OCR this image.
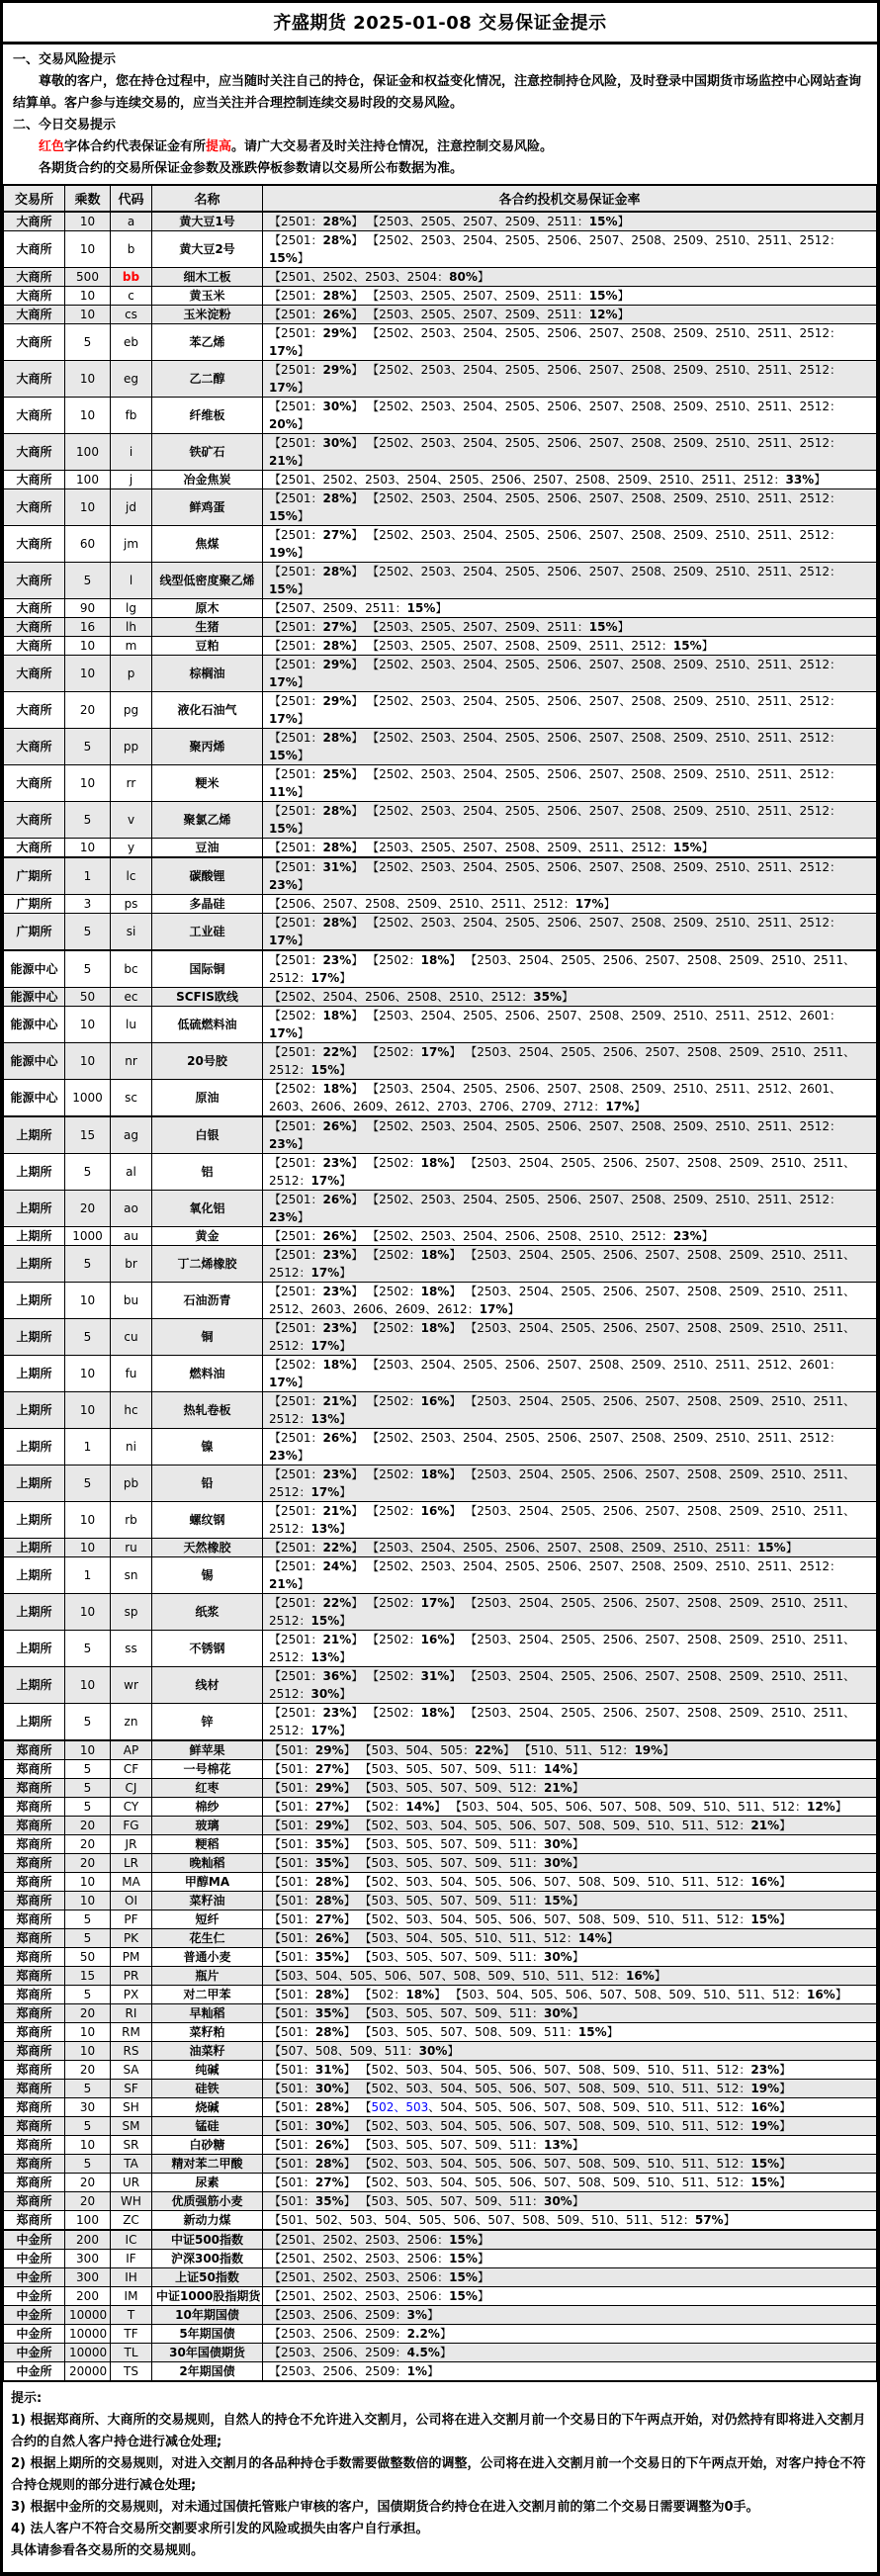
齐盛期货 2025-01-08 交易保证金提示
一、交易风险提示

尊敬的客户，您在持仓过程中，应当随时关注自己的持仓，保证金和权益变化情况，注意控制持仓风险，及时登录中国期货市场监控中心网站查询结算单。客户参与连续交易的，应当关注并合理控制连续交易时段的交易风险。

二、今日交易提示

红色字体合约代表保证金有所提高。请广大交易者及时关注持仓情况，注意控制交易风险。

各期货合约的交易所保证金参数及涨跌停板参数请以交易所公布数据为准。

交易所	乘数	代码	名称	各合约投机交易保证金率
大商所	10	a	黄大豆1号	【2501：28%】 【2503、2505、2507、2509、2511：15%】
大商所	10	b	黄大豆2号	【2501：28%】 【2502、2503、2504、2505、2506、2507、2508、2509、2510、2511、2512：15%】
大商所	500	bb	细木工板	【2501、2502、2503、2504：80%】
大商所	10	c	黄玉米	【2501：28%】 【2503、2505、2507、2509、2511：15%】
大商所	10	cs	玉米淀粉	【2501：26%】 【2503、2505、2507、2509、2511：12%】
大商所	5	eb	苯乙烯	【2501：29%】 【2502、2503、2504、2505、2506、2507、2508、2509、2510、2511、2512：17%】
大商所	10	eg	乙二醇	【2501：29%】 【2502、2503、2504、2505、2506、2507、2508、2509、2510、2511、2512：17%】
大商所	10	fb	纤维板	【2501：30%】 【2502、2503、2504、2505、2506、2507、2508、2509、2510、2511、2512：20%】
大商所	100	i	铁矿石	【2501：30%】 【2502、2503、2504、2505、2506、2507、2508、2509、2510、2511、2512：21%】
大商所	100	j	冶金焦炭	【2501、2502、2503、2504、2505、2506、2507、2508、2509、2510、2511、2512：33%】
大商所	10	jd	鲜鸡蛋	【2501：28%】 【2502、2503、2504、2505、2506、2507、2508、2509、2510、2511、2512：15%】
大商所	60	jm	焦煤	【2501：27%】 【2502、2503、2504、2505、2506、2507、2508、2509、2510、2511、2512：19%】
大商所	5	l	线型低密度聚乙烯	【2501：28%】 【2502、2503、2504、2505、2506、2507、2508、2509、2510、2511、2512：15%】
大商所	90	lg	原木	【2507、2509、2511：15%】
大商所	16	lh	生猪	【2501：27%】 【2503、2505、2507、2509、2511：15%】
大商所	10	m	豆粕	【2501：28%】 【2503、2505、2507、2508、2509、2511、2512：15%】
大商所	10	p	棕榈油	【2501：29%】 【2502、2503、2504、2505、2506、2507、2508、2509、2510、2511、2512：17%】
大商所	20	pg	液化石油气	【2501：29%】 【2502、2503、2504、2505、2506、2507、2508、2509、2510、2511、2512：17%】
大商所	5	pp	聚丙烯	【2501：28%】 【2502、2503、2504、2505、2506、2507、2508、2509、2510、2511、2512：15%】
大商所	10	rr	粳米	【2501：25%】 【2502、2503、2504、2505、2506、2507、2508、2509、2510、2511、2512：11%】
大商所	5	v	聚氯乙烯	【2501：28%】 【2502、2503、2504、2505、2506、2507、2508、2509、2510、2511、2512：15%】
大商所	10	y	豆油	【2501：28%】 【2503、2505、2507、2508、2509、2511、2512：15%】
广期所	1	lc	碳酸锂	【2501：31%】 【2502、2503、2504、2505、2506、2507、2508、2509、2510、2511、2512：23%】
广期所	3	ps	多晶硅	【2506、2507、2508、2509、2510、2511、2512：17%】
广期所	5	si	工业硅	【2501：28%】 【2502、2503、2504、2505、2506、2507、2508、2509、2510、2511、2512：17%】
能源中心	5	bc	国际铜	【2501：23%】 【2502：18%】 【2503、2504、2505、2506、2507、2508、2509、2510、2511、2512：17%】
能源中心	50	ec	SCFIS欧线	【2502、2504、2506、2508、2510、2512：35%】
能源中心	10	lu	低硫燃料油	【2502：18%】 【2503、2504、2505、2506、2507、2508、2509、2510、2511、2512、2601：17%】
能源中心	10	nr	20号胶	【2501：22%】 【2502：17%】 【2503、2504、2505、2506、2507、2508、2509、2510、2511、2512：15%】
能源中心	1000	sc	原油	【2502：18%】 【2503、2504、2505、2506、2507、2508、2509、2510、2511、2512、2601、2603、2606、2609、2612、2703、2706、2709、2712：17%】
上期所	15	ag	白银	【2501：26%】 【2502、2503、2504、2505、2506、2507、2508、2509、2510、2511、2512：23%】
上期所	5	al	铝	【2501：23%】 【2502：18%】 【2503、2504、2505、2506、2507、2508、2509、2510、2511、2512：17%】
上期所	20	ao	氧化铝	【2501：26%】 【2502、2503、2504、2505、2506、2507、2508、2509、2510、2511、2512：23%】
上期所	1000	au	黄金	【2501：26%】 【2502、2503、2504、2506、2508、2510、2512：23%】
上期所	5	br	丁二烯橡胶	【2501：23%】 【2502：18%】 【2503、2504、2505、2506、2507、2508、2509、2510、2511、2512：17%】
上期所	10	bu	石油沥青	【2501：23%】 【2502：18%】 【2503、2504、2505、2506、2507、2508、2509、2510、2511、2512、2603、2606、2609、2612：17%】
上期所	5	cu	铜	【2501：23%】 【2502：18%】 【2503、2504、2505、2506、2507、2508、2509、2510、2511、2512：17%】
上期所	10	fu	燃料油	【2502：18%】 【2503、2504、2505、2506、2507、2508、2509、2510、2511、2512、2601：17%】
上期所	10	hc	热轧卷板	【2501：21%】 【2502：16%】 【2503、2504、2505、2506、2507、2508、2509、2510、2511、2512：13%】
上期所	1	ni	镍	【2501：26%】 【2502、2503、2504、2505、2506、2507、2508、2509、2510、2511、2512：23%】
上期所	5	pb	铅	【2501：23%】 【2502：18%】 【2503、2504、2505、2506、2507、2508、2509、2510、2511、2512：17%】
上期所	10	rb	螺纹钢	【2501：21%】 【2502：16%】 【2503、2504、2505、2506、2507、2508、2509、2510、2511、2512：13%】
上期所	10	ru	天然橡胶	【2501：22%】 【2503、2504、2505、2506、2507、2508、2509、2510、2511：15%】
上期所	1	sn	锡	【2501：24%】 【2502、2503、2504、2505、2506、2507、2508、2509、2510、2511、2512：21%】
上期所	10	sp	纸浆	【2501：22%】 【2502：17%】 【2503、2504、2505、2506、2507、2508、2509、2510、2511、2512：15%】
上期所	5	ss	不锈钢	【2501：21%】 【2502：16%】 【2503、2504、2505、2506、2507、2508、2509、2510、2511、2512：13%】
上期所	10	wr	线材	【2501：36%】 【2502：31%】 【2503、2504、2505、2506、2507、2508、2509、2510、2511、2512：30%】
上期所	5	zn	锌	【2501：23%】 【2502：18%】 【2503、2504、2505、2506、2507、2508、2509、2510、2511、2512：17%】
郑商所	10	AP	鲜苹果	【501：29%】 【503、504、505：22%】 【510、511、512：19%】
郑商所	5	CF	一号棉花	【501：27%】 【503、505、507、509、511：14%】
郑商所	5	CJ	红枣	【501：29%】 【503、505、507、509、512：21%】
郑商所	5	CY	棉纱	【501：27%】 【502：14%】 【503、504、505、506、507、508、509、510、511、512：12%】
郑商所	20	FG	玻璃	【501：29%】 【502、503、504、505、506、507、508、509、510、511、512：21%】
郑商所	20	JR	粳稻	【501：35%】 【503、505、507、509、511：30%】
郑商所	20	LR	晚籼稻	【501：35%】 【503、505、507、509、511：30%】
郑商所	10	MA	甲醇MA	【501：28%】 【502、503、504、505、506、507、508、509、510、511、512：16%】
郑商所	10	OI	菜籽油	【501：28%】 【503、505、507、509、511：15%】
郑商所	5	PF	短纤	【501：27%】 【502、503、504、505、506、507、508、509、510、511、512：15%】
郑商所	5	PK	花生仁	【501：26%】 【503、504、505、510、511、512：14%】
郑商所	50	PM	普通小麦	【501：35%】 【503、505、507、509、511：30%】
郑商所	15	PR	瓶片	【503、504、505、506、507、508、509、510、511、512：16%】
郑商所	5	PX	对二甲苯	【501：28%】 【502：18%】 【503、504、505、506、507、508、509、510、511、512：16%】
郑商所	20	RI	早籼稻	【501：35%】 【503、505、507、509、511：30%】
郑商所	10	RM	菜籽粕	【501：28%】 【503、505、507、508、509、511：15%】
郑商所	10	RS	油菜籽	【507、508、509、511：30%】
郑商所	20	SA	纯碱	【501：31%】 【502、503、504、505、506、507、508、509、510、511、512：23%】
郑商所	5	SF	硅铁	【501：30%】 【502、503、504、505、506、507、508、509、510、511、512：19%】
郑商所	30	SH	烧碱	【501：28%】 【502、503、504、505、506、507、508、509、510、511、512：16%】
郑商所	5	SM	锰硅	【501：30%】 【502、503、504、505、506、507、508、509、510、511、512：19%】
郑商所	10	SR	白砂糖	【501：26%】 【503、505、507、509、511：13%】
郑商所	5	TA	精对苯二甲酸	【501：28%】 【502、503、504、505、506、507、508、509、510、511、512：15%】
郑商所	20	UR	尿素	【501：27%】 【502、503、504、505、506、507、508、509、510、511、512：15%】
郑商所	20	WH	优质强筋小麦	【501：35%】 【503、505、507、509、511：30%】
郑商所	100	ZC	新动力煤	【501、502、503、504、505、506、507、508、509、510、511、512：57%】
中金所	200	IC	中证500指数	【2501、2502、2503、2506：15%】
中金所	300	IF	沪深300指数	【2501、2502、2503、2506：15%】
中金所	300	IH	上证50指数	【2501、2502、2503、2506：15%】
中金所	200	IM	中证1000股指期货	【2501、2502、2503、2506：15%】
中金所	10000	T	10年期国债	【2503、2506、2509：3%】
中金所	10000	TF	5年期国债	【2503、2506、2509：2.2%】
中金所	10000	TL	30年国债期货	【2503、2506、2509：4.5%】
中金所	20000	TS	2年期国债	【2503、2506、2509：1%】

提示:

1) 根据郑商所、大商所的交易规则，自然人的持仓不允许进入交割月，公司将在进入交割月前一个交易日的下午两点开始，对仍然持有即将进入交割月合约的自然人客户持仓进行减仓处理;

2) 根据上期所的交易规则，对进入交割月的各品种持仓手数需要做整数倍的调整，公司将在进入交割月前一个交易日的下午两点开始，对客户持仓不符合持仓规则的部分进行减仓处理;

3) 根据中金所的交易规则，对未通过国债托管账户审核的客户，国债期货合约持仓在进入交割月前的第二个交易日需要调整为0手。

4) 法人客户不符合交易所交割要求所引发的风险或损失由客户自行承担。

具体请参看各交易所的交易规则。
